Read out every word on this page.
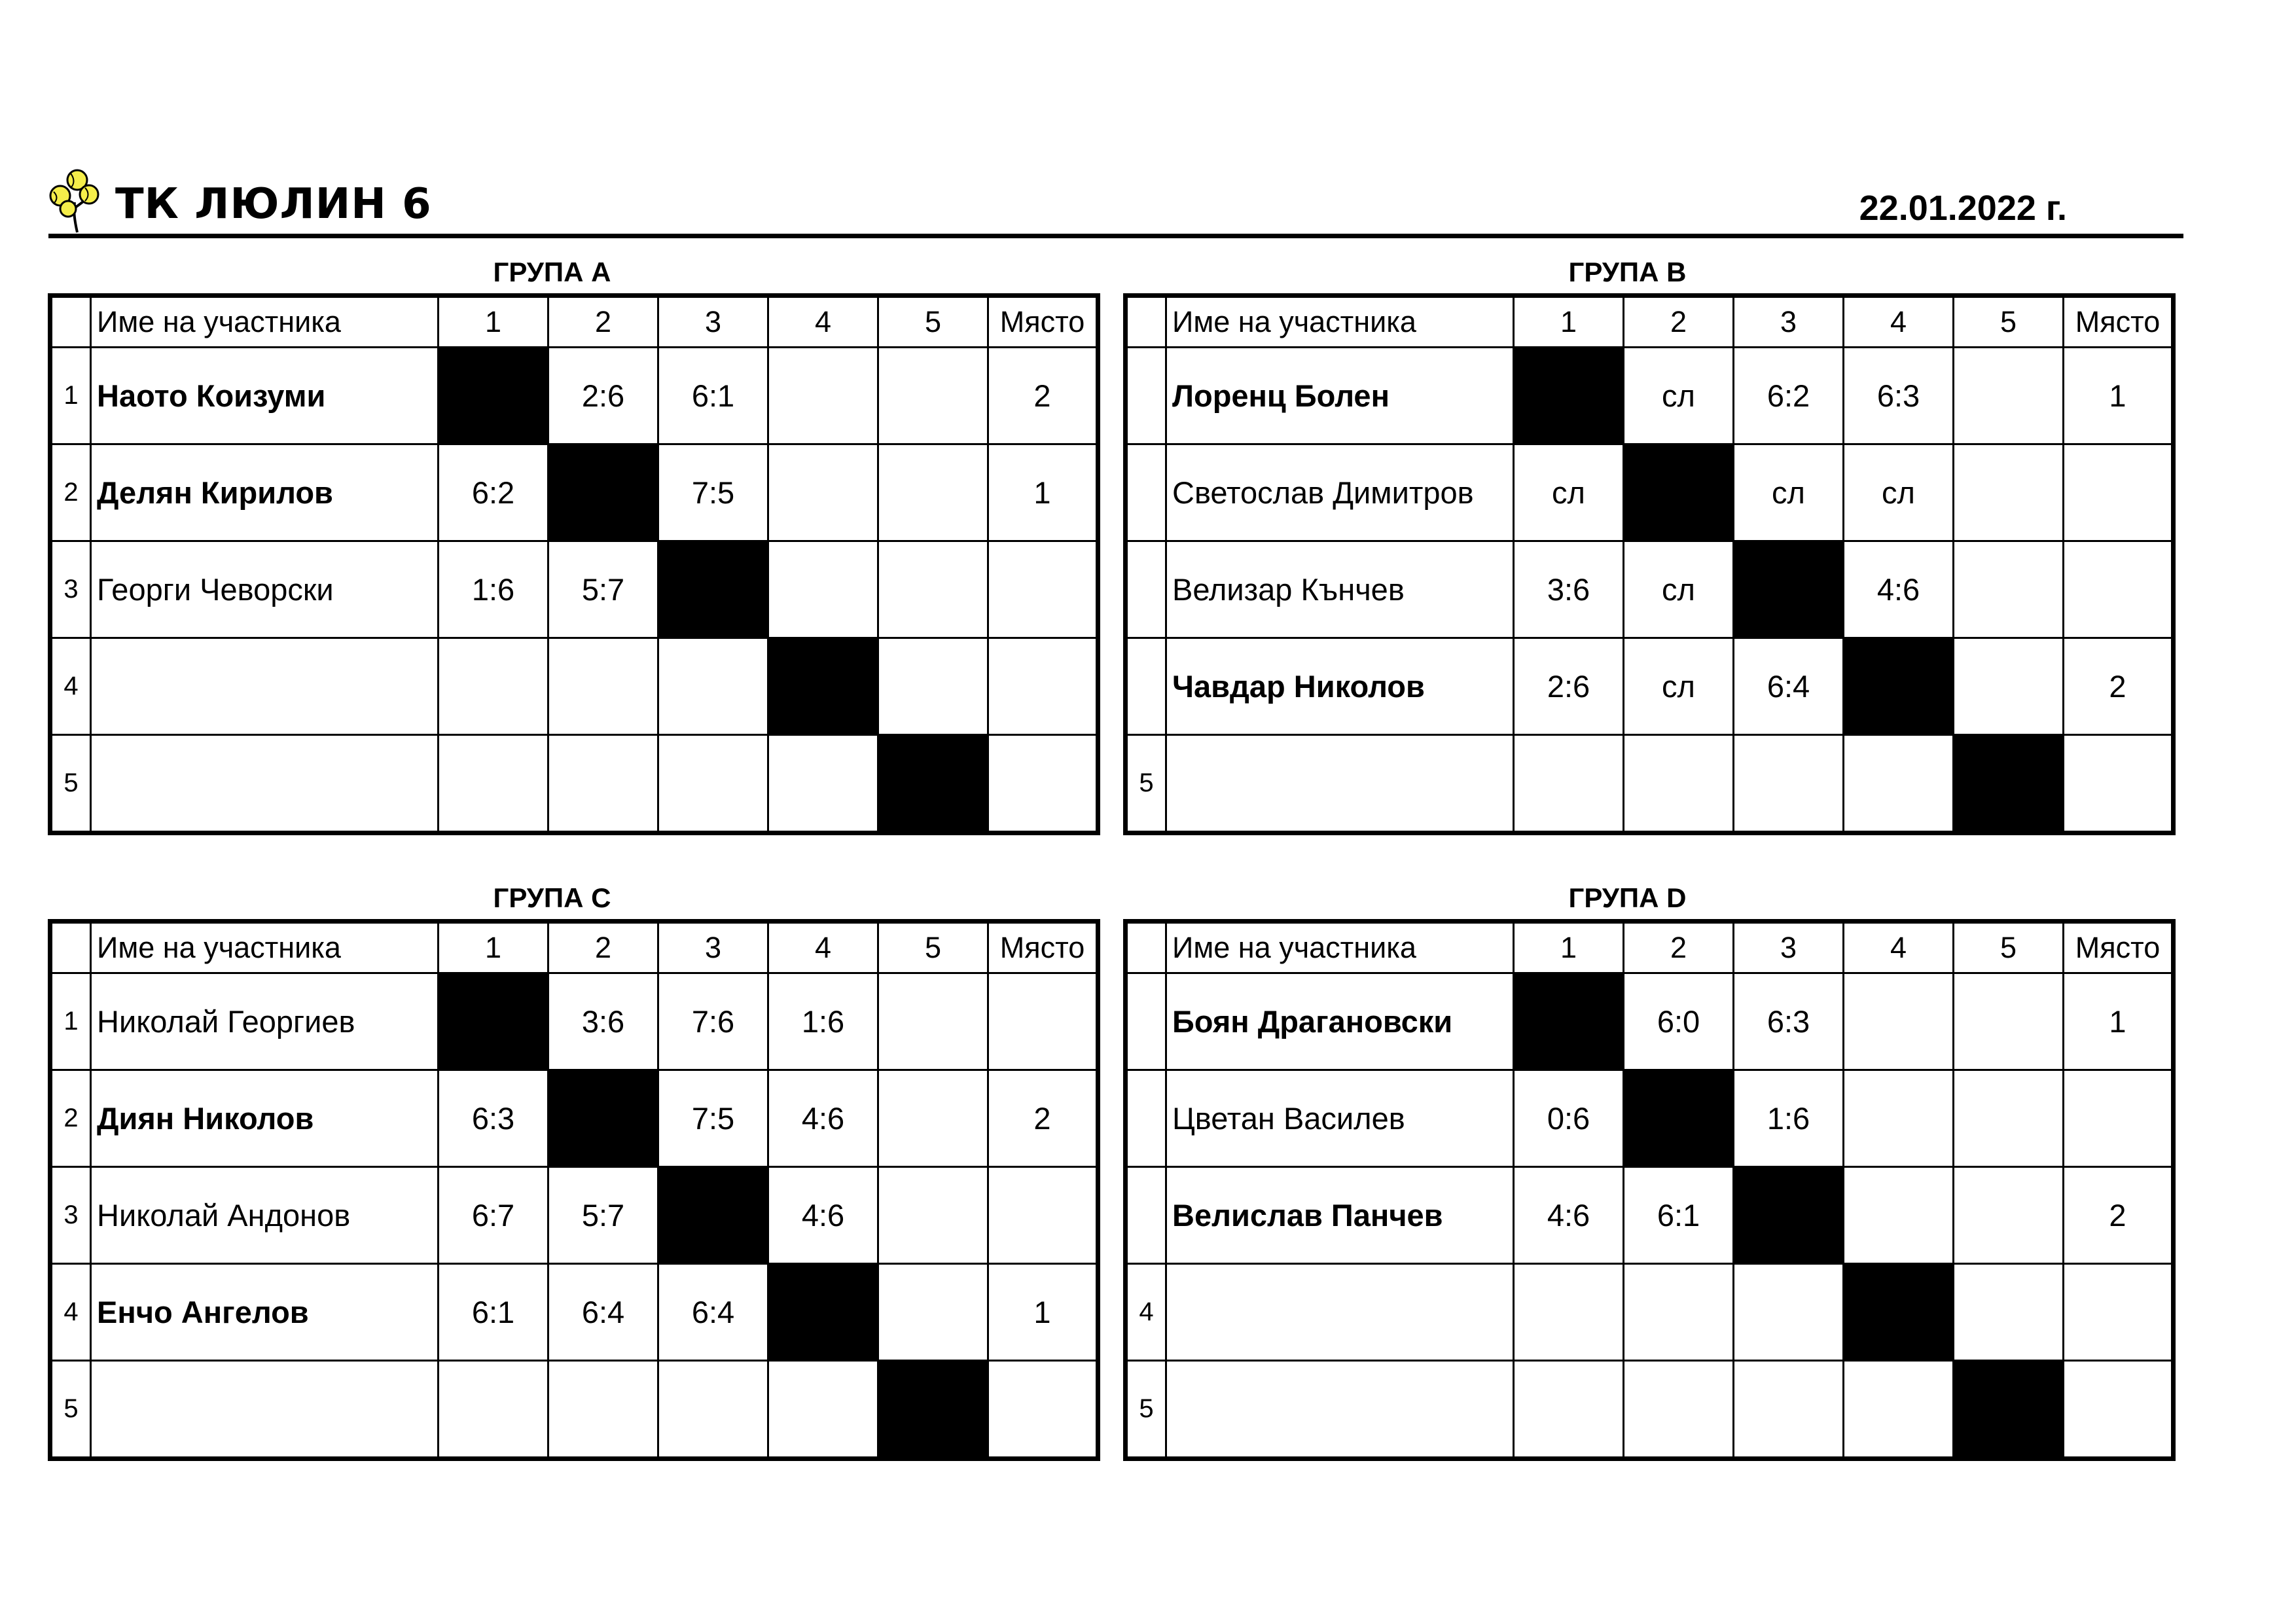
ТК ЛЮЛИН 6	22.01.2022 г.
ГРУПА А
	Име на участника	1	2	3	4	5	Място
1	Наото Коизуми		2:6	6:1			2
2	Делян Кирилов	6:2		7:5			1
3	Георги Чеворски	1:6	5:7				
4							
5							
ГРУПА B
	Име на участника	1	2	3	4	5	Място
	Лоренц Болен		сл	6:2	6:3		1
	Светослав Димитров	сл		сл	сл		
	Велизар Кънчев	3:6	сл		4:6		
	Чавдар Николов	2:6	сл	6:4			2
5							
ГРУПА C
	Име на участника	1	2	3	4	5	Място
1	Николай Георгиев		3:6	7:6	1:6		
2	Диян Николов	6:3		7:5	4:6		2
3	Николай Андонов	6:7	5:7		4:6		
4	Енчо Ангелов	6:1	6:4	6:4			1
5							
ГРУПА D
	Име на участника	1	2	3	4	5	Място
	Боян Драгановски		6:0	6:3			1
	Цветан Василев	0:6		1:6			
	Велислав Панчев	4:6	6:1				2
4							
5							
